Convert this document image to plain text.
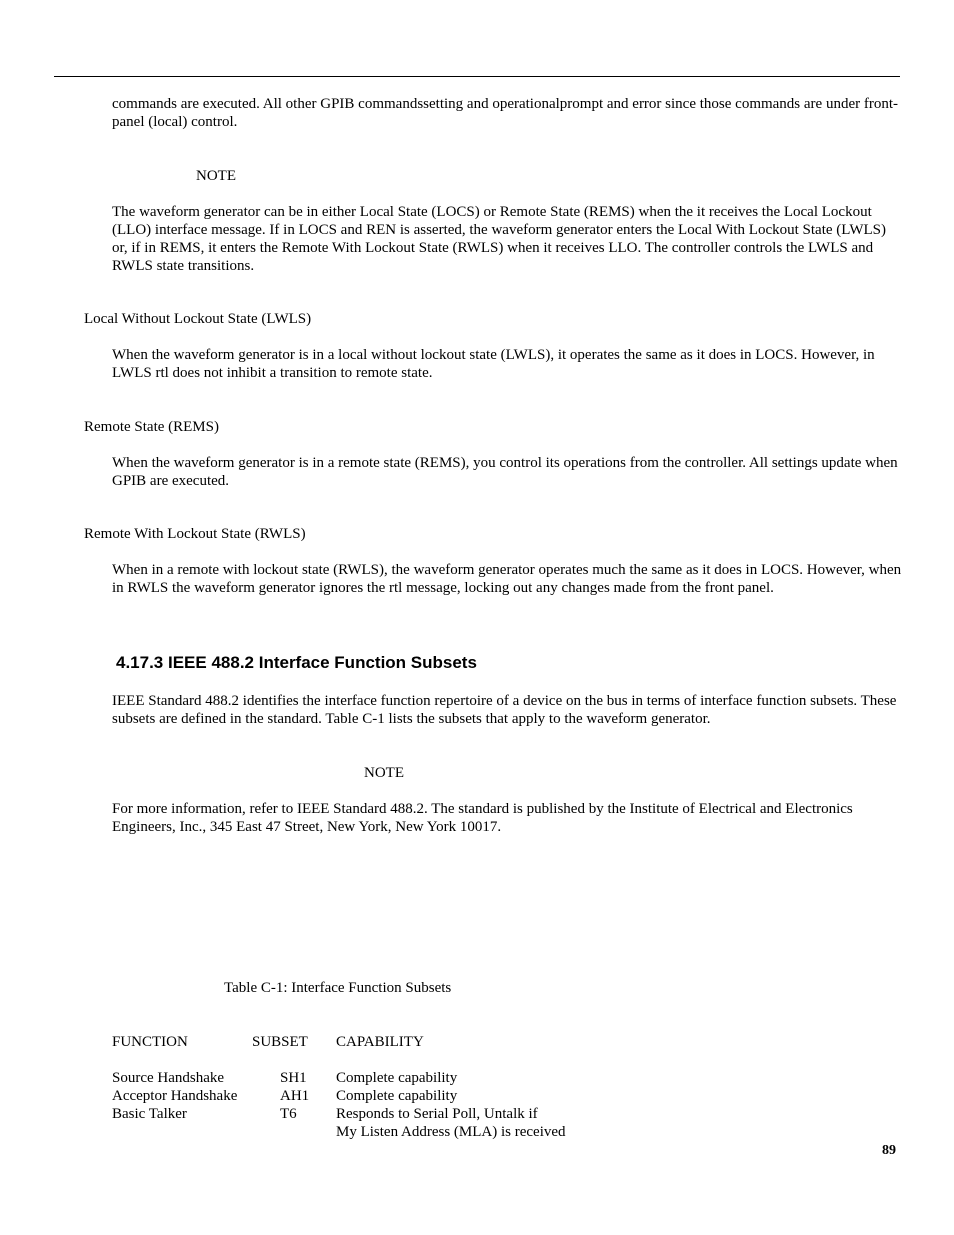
commands are executed. All other GPIB commandssetting and operationalprompt and error since those commands are under front-panel (local) control.

NOTE

The waveform generator can be in either Local State (LOCS) or Remote State (REMS) when the it receives the Local Lockout (LLO) interface message. If in LOCS and REN is asserted, the waveform generator enters the Local With Lockout State (LWLS) or, if in REMS, it enters the Remote With Lockout State (RWLS) when it receives LLO. The controller controls the LWLS and RWLS state transitions.

Local Without Lockout State (LWLS)

When the waveform generator is in a local without lockout state (LWLS), it operates the same as it does in LOCS. However, in LWLS rtl does not inhibit a transition to remote state.

Remote State (REMS)

When the waveform generator is in a remote state (REMS), you control its operations from the controller. All settings update when GPIB are executed.

Remote With Lockout State (RWLS)

When in a remote with lockout state (RWLS), the waveform generator operates much the same as it does in LOCS. However, when in RWLS the waveform generator ignores the rtl message, locking out any changes made from the front panel.

4.17.3 IEEE 488.2 Interface Function Subsets

IEEE Standard 488.2 identifies the interface function repertoire of a device on the bus in terms of interface function subsets. These subsets are defined in the standard. Table C-1 lists the subsets that apply to the waveform generator.

NOTE

For more information, refer to IEEE Standard 488.2. The standard is published by the Institute of Electrical and Electronics Engineers, Inc., 345 East 47 Street, New York, New York 10017.

Table C-1: Interface Function Subsets

FUNCTION	SUBSET CAPABILITY
Source Handshake	SH1 Complete capability
Acceptor Handshake	AH1 Complete capability
Basic Talker	T6	Responds to Serial Poll, Untalk if
My Listen Address (MLA) is received
89
